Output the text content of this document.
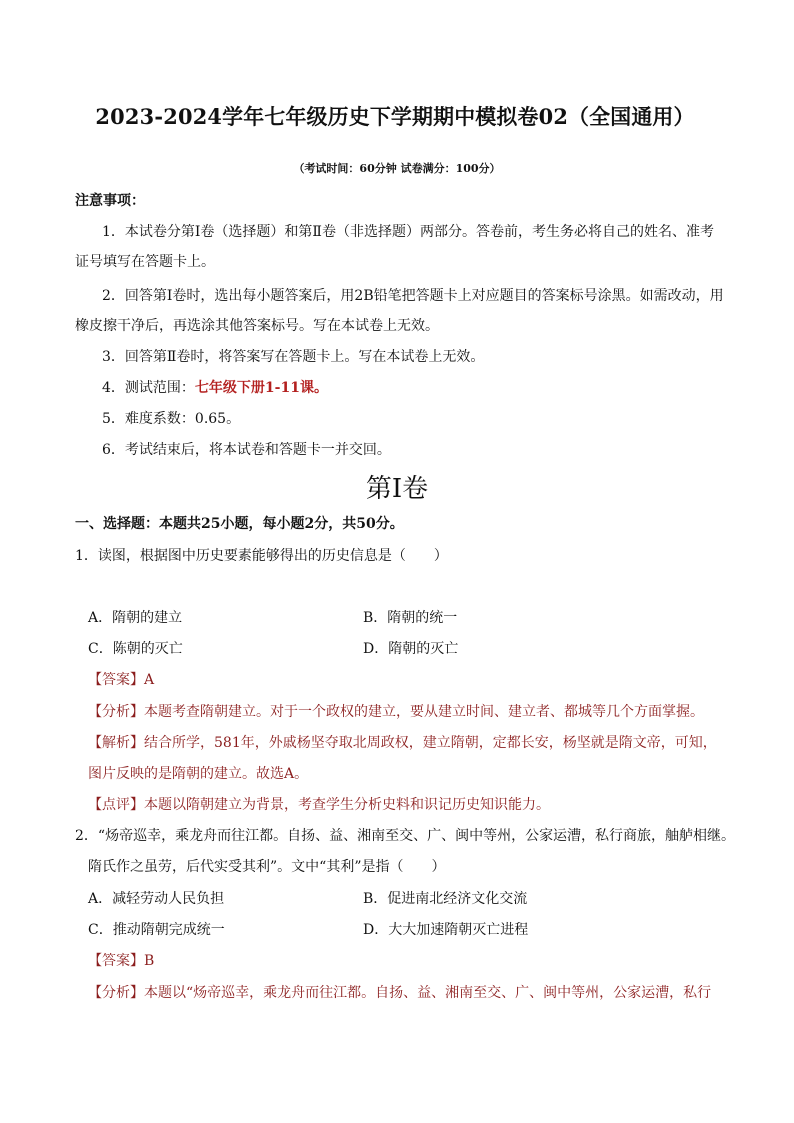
2023-2024学年七年级历史下学期期中模拟卷02（全国通用）
（考试时间：60分钟 试卷满分：100分）
注意事项：
1．本试卷分第Ⅰ卷（选择题）和第Ⅱ卷（非选择题）两部分。答卷前，考生务必将自己的姓名、准考
证号填写在答题卡上。
2．回答第Ⅰ卷时，选出每小题答案后，用2B铅笔把答题卡上对应题目的答案标号涂黑。如需改动，用
橡皮擦干净后，再选涂其他答案标号。写在本试卷上无效。
3．回答第Ⅱ卷时，将答案写在答题卡上。写在本试卷上无效。
4．测试范围：七年级下册1-11课。
5．难度系数：0.65。
6．考试结束后，将本试卷和答题卡一并交回。
第Ⅰ卷
一、选择题：本题共25小题，每小题2分，共50分。
1．读图，根据图中历史要素能够得出的历史信息是（　　）
A．隋朝的建立	B．隋朝的统一
C．陈朝的灭亡	D．隋朝的灭亡
【答案】A
【分析】本题考查隋朝建立。对于一个政权的建立，要从建立时间、建立者、都城等几个方面掌握。
【解析】结合所学，581年，外戚杨坚夺取北周政权，建立隋朝，定都长安，杨坚就是隋文帝，可知，
图片反映的是隋朝的建立。故选A。
【点评】本题以隋朝建立为背景，考查学生分析史料和识记历史知识能力。
2．“炀帝巡幸，乘龙舟而往江都。自扬、益、湘南至交、广、闽中等州，公家运漕，私行商旅，舳舻相继。
隋氏作之虽劳，后代实受其利”。文中“其利”是指（　　）
A．减轻劳动人民负担	B．促进南北经济文化交流
C．推动隋朝完成统一	D．大大加速隋朝灭亡进程
【答案】B
【分析】本题以“炀帝巡幸，乘龙舟而往江都。自扬、益、湘南至交、广、闽中等州，公家运漕，私行
